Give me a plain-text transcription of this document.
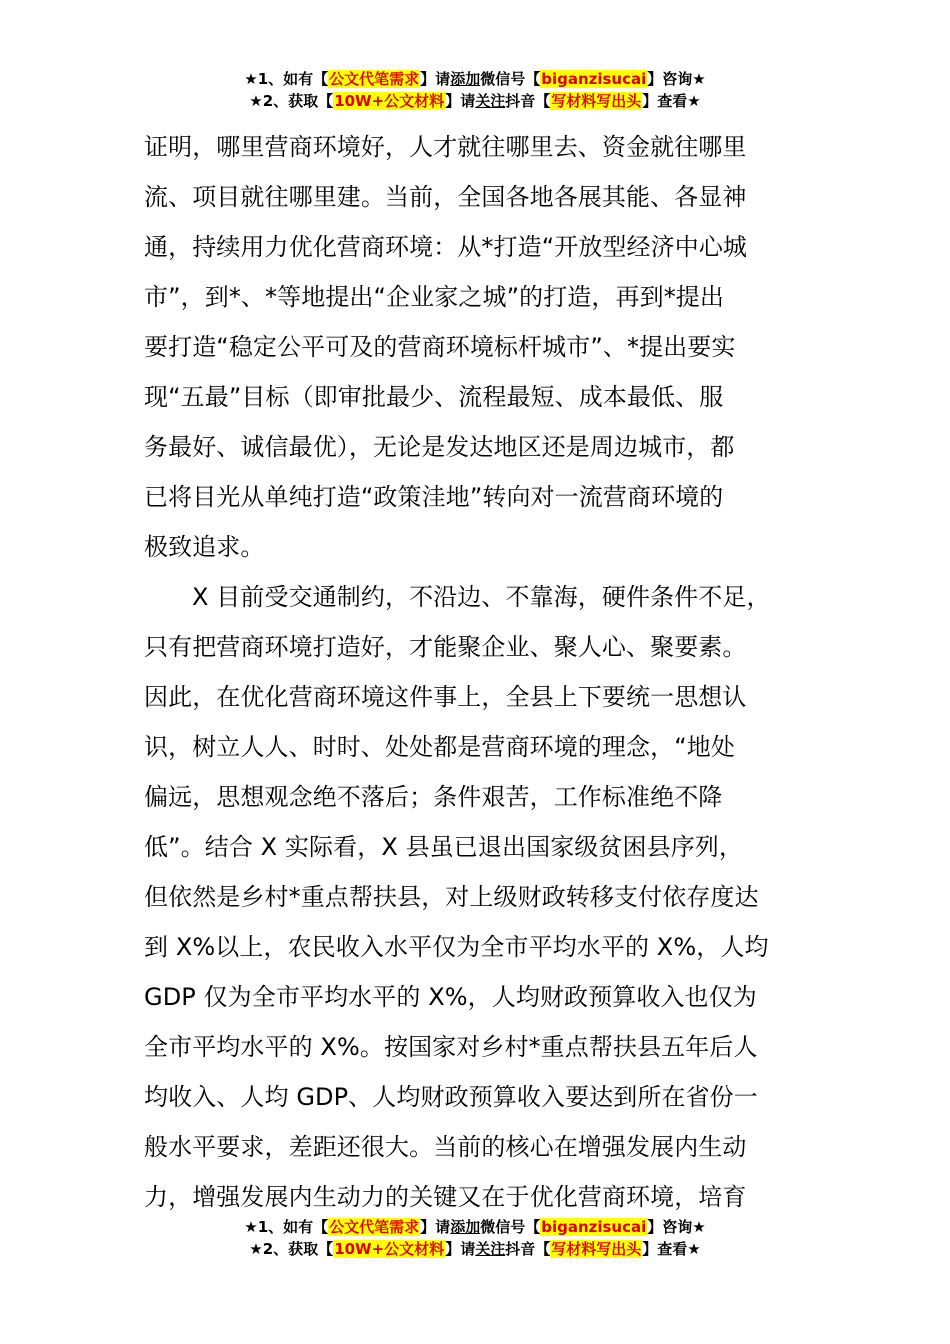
★1、如有【公文代笔需求】请添加微信号【biganzisucai】咨询★
★2、获取【10W+公文材料】请关注抖音【写材料写出头】查看★

证明，哪里营商环境好，人才就往哪里去、资金就往哪里
流、项目就往哪里建。当前，全国各地各展其能、各显神
通，持续用力优化营商环境：从*打造“开放型经济中心城
市”，到*、*等地提出“企业家之城”的打造，再到*提出
要打造“稳定公平可及的营商环境标杆城市”、*提出要实
现“五最”目标（即审批最少、流程最短、成本最低、服
务最好、诚信最优），无论是发达地区还是周边城市，都
已将目光从单纯打造“政策洼地”转向对一流营商环境的
极致追求。

X 目前受交通制约，不沿边、不靠海，硬件条件不足，
只有把营商环境打造好，才能聚企业、聚人心、聚要素。
因此，在优化营商环境这件事上，全县上下要统一思想认
识，树立人人、时时、处处都是营商环境的理念，“地处
偏远，思想观念绝不落后；条件艰苦，工作标准绝不降
低”。结合 X 实际看，X 县虽已退出国家级贫困县序列，
但依然是乡村*重点帮扶县，对上级财政转移支付依存度达
到 X%以上，农民收入水平仅为全市平均水平的 X%，人均
GDP 仅为全市平均水平的 X%，人均财政预算收入也仅为
全市平均水平的 X%。按国家对乡村*重点帮扶县五年后人
均收入、人均 GDP、人均财政预算收入要达到所在省份一
般水平要求，差距还很大。当前的核心在增强发展内生动
力，增强发展内生动力的关键又在于优化营商环境，培育

★1、如有【公文代笔需求】请添加微信号【biganzisucai】咨询★
★2、获取【10W+公文材料】请关注抖音【写材料写出头】查看★
